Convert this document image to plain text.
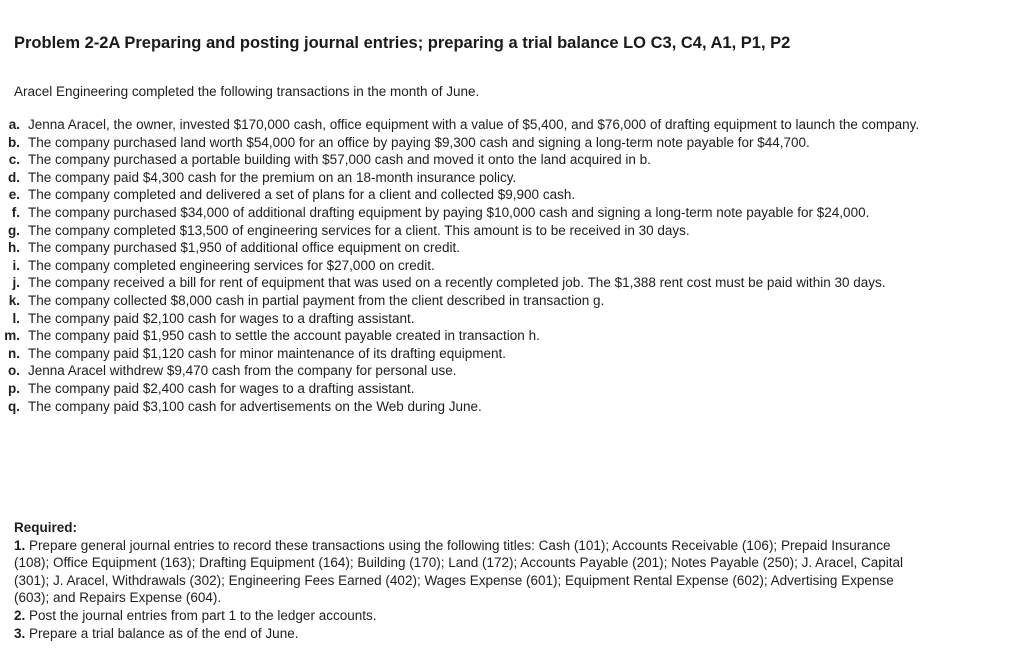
Problem 2-2A Preparing and posting journal entries; preparing a trial balance LO C3, C4, A1, P1, P2
Aracel Engineering completed the following transactions in the month of June.
a. Jenna Aracel, the owner, invested $170,000 cash, office equipment with a value of $5,400, and $76,000 of drafting equipment to launch the company.
b. The company purchased land worth $54,000 for an office by paying $9,300 cash and signing a long-term note payable for $44,700.
c. The company purchased a portable building with $57,000 cash and moved it onto the land acquired in b.
d. The company paid $4,300 cash for the premium on an 18-month insurance policy.
e. The company completed and delivered a set of plans for a client and collected $9,900 cash.
f. The company purchased $34,000 of additional drafting equipment by paying $10,000 cash and signing a long-term note payable for $24,000.
g. The company completed $13,500 of engineering services for a client. This amount is to be received in 30 days.
h. The company purchased $1,950 of additional office equipment on credit.
i. The company completed engineering services for $27,000 on credit.
j. The company received a bill for rent of equipment that was used on a recently completed job. The $1,388 rent cost must be paid within 30 days.
k. The company collected $8,000 cash in partial payment from the client described in transaction g.
l. The company paid $2,100 cash for wages to a drafting assistant.
m. The company paid $1,950 cash to settle the account payable created in transaction h.
n. The company paid $1,120 cash for minor maintenance of its drafting equipment.
o. Jenna Aracel withdrew $9,470 cash from the company for personal use.
p. The company paid $2,400 cash for wages to a drafting assistant.
q. The company paid $3,100 cash for advertisements on the Web during June.
Required:
1. Prepare general journal entries to record these transactions using the following titles: Cash (101); Accounts Receivable (106); Prepaid Insurance (108); Office Equipment (163); Drafting Equipment (164); Building (170); Land (172); Accounts Payable (201); Notes Payable (250); J. Aracel, Capital (301); J. Aracel, Withdrawals (302); Engineering Fees Earned (402); Wages Expense (601); Equipment Rental Expense (602); Advertising Expense (603); and Repairs Expense (604).
2. Post the journal entries from part 1 to the ledger accounts.
3. Prepare a trial balance as of the end of June.
